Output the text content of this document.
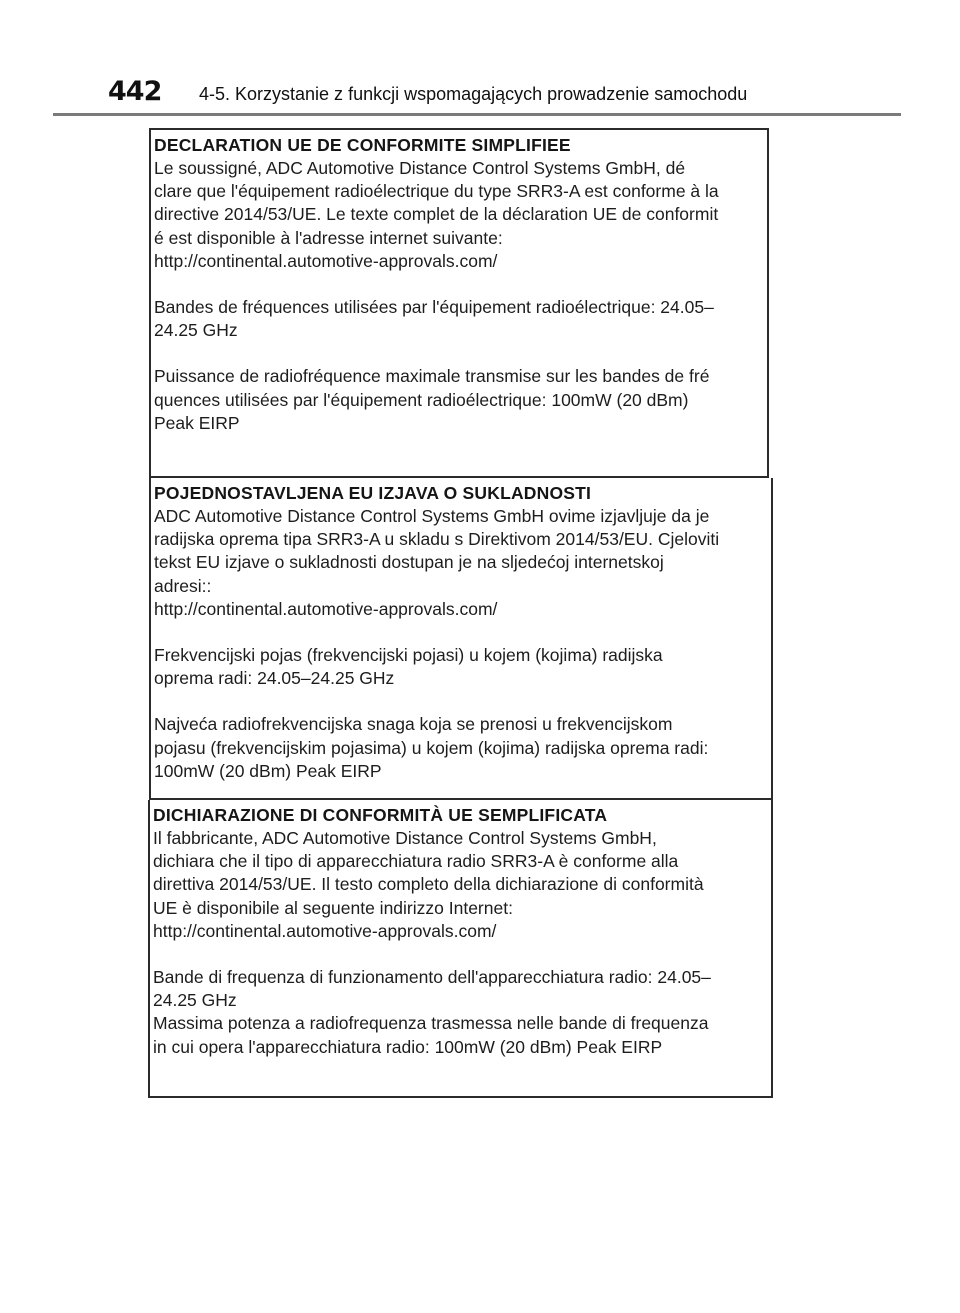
442 4-5. Korzystanie z funkcji wspomagających prowadzenie samochodu
DECLARATION UE DE CONFORMITE SIMPLIFIEE
Le soussigné, ADC Automotive Distance Control Systems GmbH, dé
clare que l'équipement radioélectrique du type SRR3-A est conforme à la
directive 2014/53/UE. Le texte complet de la déclaration UE de conformit
é est disponible à l'adresse internet suivante:
http://continental.automotive-approvals.com/
Bandes de fréquences utilisées par l'équipement radioélectrique: 24.05–
24.25 GHz
Puissance de radiofréquence maximale transmise sur les bandes de fré
quences utilisées par l'équipement radioélectrique: 100mW (20 dBm)
Peak EIRP
POJEDNOSTAVLJENA EU IZJAVA O SUKLADNOSTI
ADC Automotive Distance Control Systems GmbH ovime izjavljuje da je
radijska oprema tipa SRR3-A u skladu s Direktivom 2014/53/EU. Cjeloviti
tekst EU izjave o sukladnosti dostupan je na sljedećoj internetskoj
adresi::
http://continental.automotive-approvals.com/
Frekvencijski pojas (frekvencijski pojasi) u kojem (kojima) radijska
oprema radi: 24.05–24.25 GHz
Najveća radiofrekvencijska snaga koja se prenosi u frekvencijskom
pojasu (frekvencijskim pojasima) u kojem (kojima) radijska oprema radi:
100mW (20 dBm) Peak EIRP
DICHIARAZIONE DI CONFORMITÀ UE SEMPLIFICATA
Il fabbricante, ADC Automotive Distance Control Systems GmbH,
dichiara che il tipo di apparecchiatura radio SRR3-A è conforme alla
direttiva 2014/53/UE. Il testo completo della dichiarazione di conformità
UE è disponibile al seguente indirizzo Internet:
http://continental.automotive-approvals.com/
Bande di frequenza di funzionamento dell'apparecchiatura radio: 24.05–
24.25 GHz
Massima potenza a radiofrequenza trasmessa nelle bande di frequenza
in cui opera l'apparecchiatura radio: 100mW (20 dBm) Peak EIRP
